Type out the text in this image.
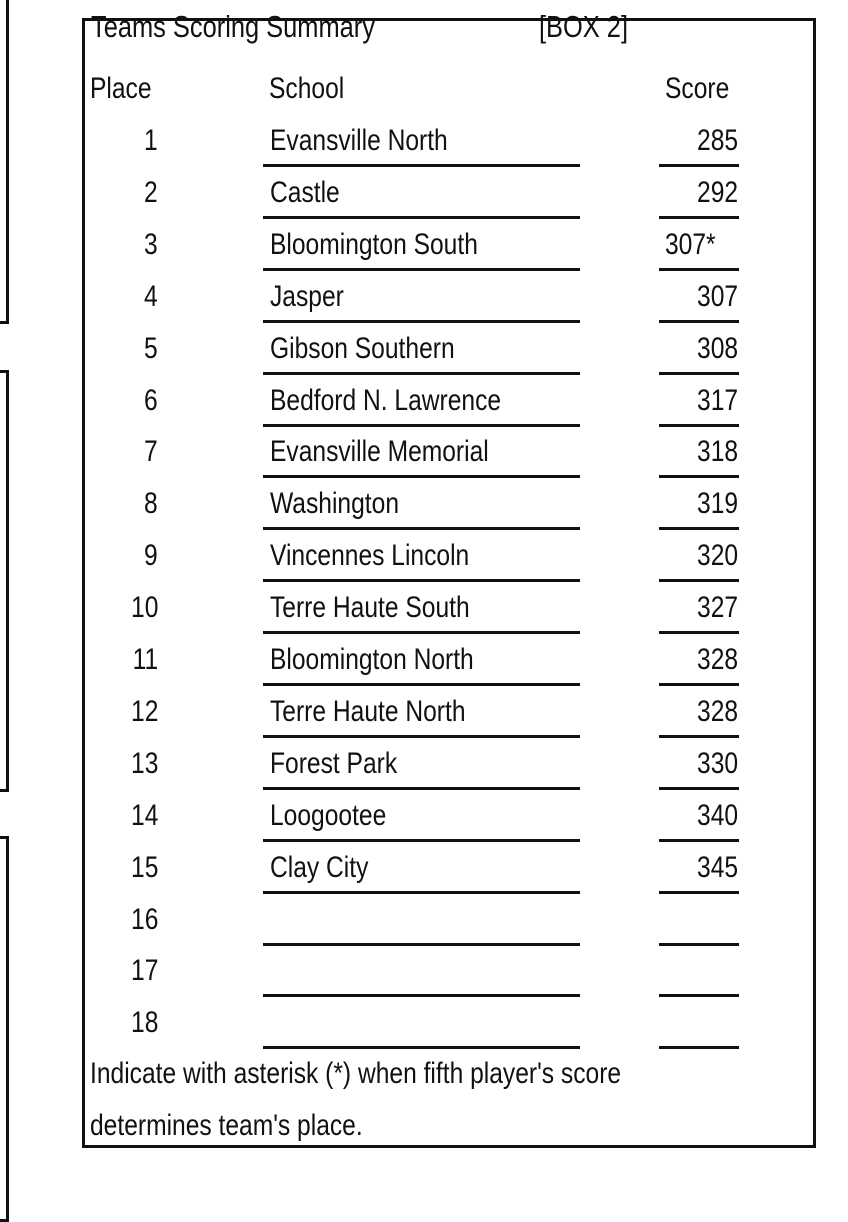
Teams Scoring Summary	[BOX 2]
Place	School	Score
1	Evansville North	285
2	Castle	292
3	Bloomington South	307*
4	Jasper	307
5	Gibson Southern	308
6	Bedford N. Lawrence	317
7	Evansville Memorial	318
8	Washington	319
9	Vincennes Lincoln	320
10	Terre Haute South	327
11	Bloomington North	328
12	Terre Haute North	328
13	Forest Park	330
14	Loogootee	340
15	Clay City	345
16
17
18
Indicate with asterisk (*) when fifth player's score
determines team's place.
